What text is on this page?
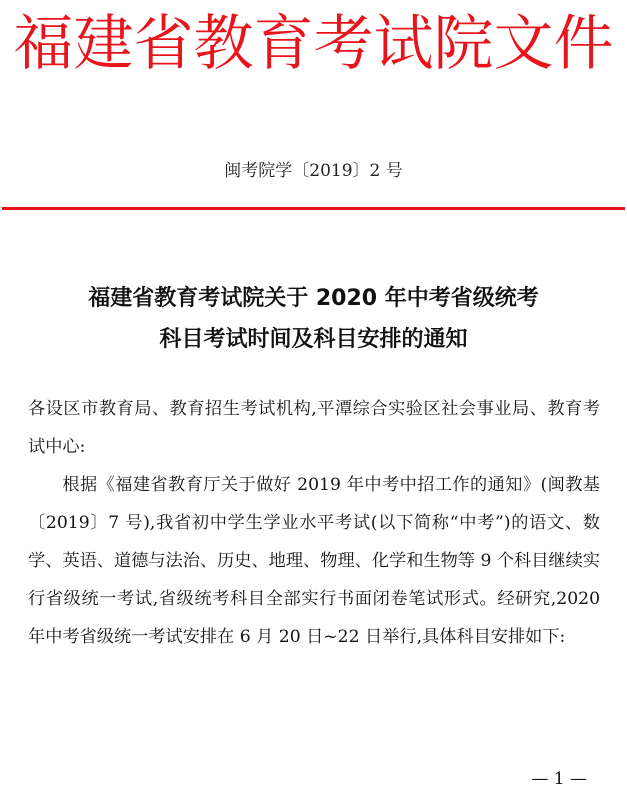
福建省教育考试院文件
闽考院学〔2019〕2 号
福建省教育考试院关于 2020 年中考省级统考
科目考试时间及科目安排的通知

各设区市教育局、教育招生考试机构,平潭综合实验区社会事业局、教育考试中心:

根据《福建省教育厅关于做好 2019 年中考中招工作的通知》(闽教基〔2019〕7 号),我省初中学生学业水平考试(以下简称“中考”)的语文、数学、英语、道德与法治、历史、地理、物理、化学和生物等 9 个科目继续实行省级统一考试,省级统考科目全部实行书面闭卷笔试形式。经研究,2020 年中考省级统一考试安排在 6 月 20 日~22 日举行,具体科目安排如下:

— 1 —
